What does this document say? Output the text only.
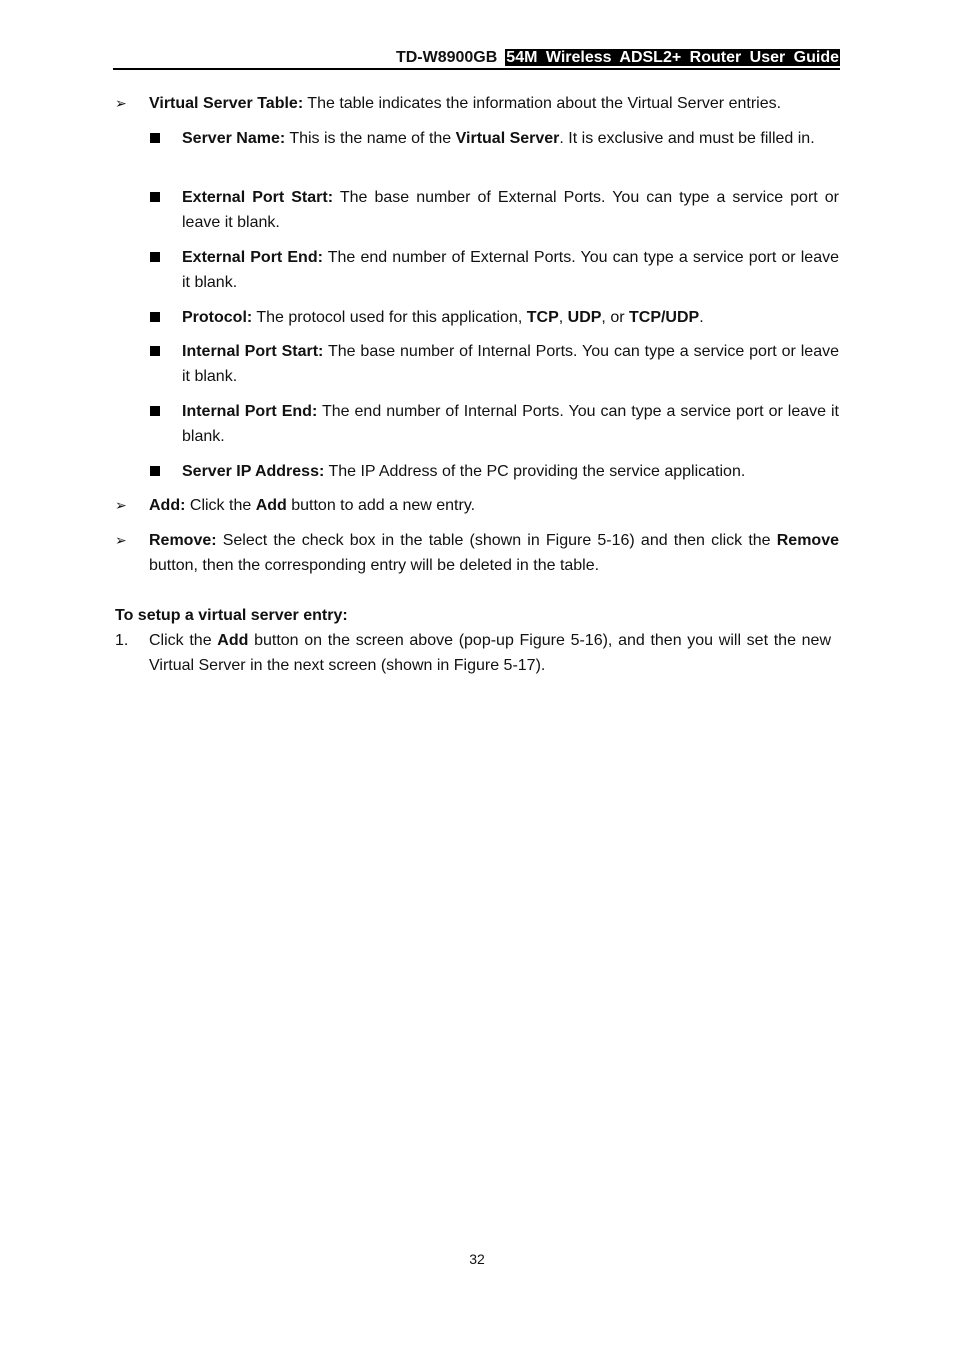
TD-W8900GB 54M Wireless ADSL2+ Router User Guide
➢ Virtual Server Table: The table indicates the information about the Virtual Server entries.
Server Name: This is the name of the Virtual Server. It is exclusive and must be filled in.
External Port Start: The base number of External Ports. You can type a service port or leave it blank.
External Port End: The end number of External Ports. You can type a service port or leave it blank.
Protocol: The protocol used for this application, TCP, UDP, or TCP/UDP.
Internal Port Start: The base number of Internal Ports. You can type a service port or leave it blank.
Internal Port End: The end number of Internal Ports. You can type a service port or leave it blank.
Server IP Address: The IP Address of the PC providing the service application.
➢ Add: Click the Add button to add a new entry.
➢ Remove: Select the check box in the table (shown in Figure 5-16) and then click the Remove button, then the corresponding entry will be deleted in the table.
To setup a virtual server entry:
1. Click the Add button on the screen above (pop-up Figure 5-16), and then you will set the new Virtual Server in the next screen (shown in Figure 5-17).
32
